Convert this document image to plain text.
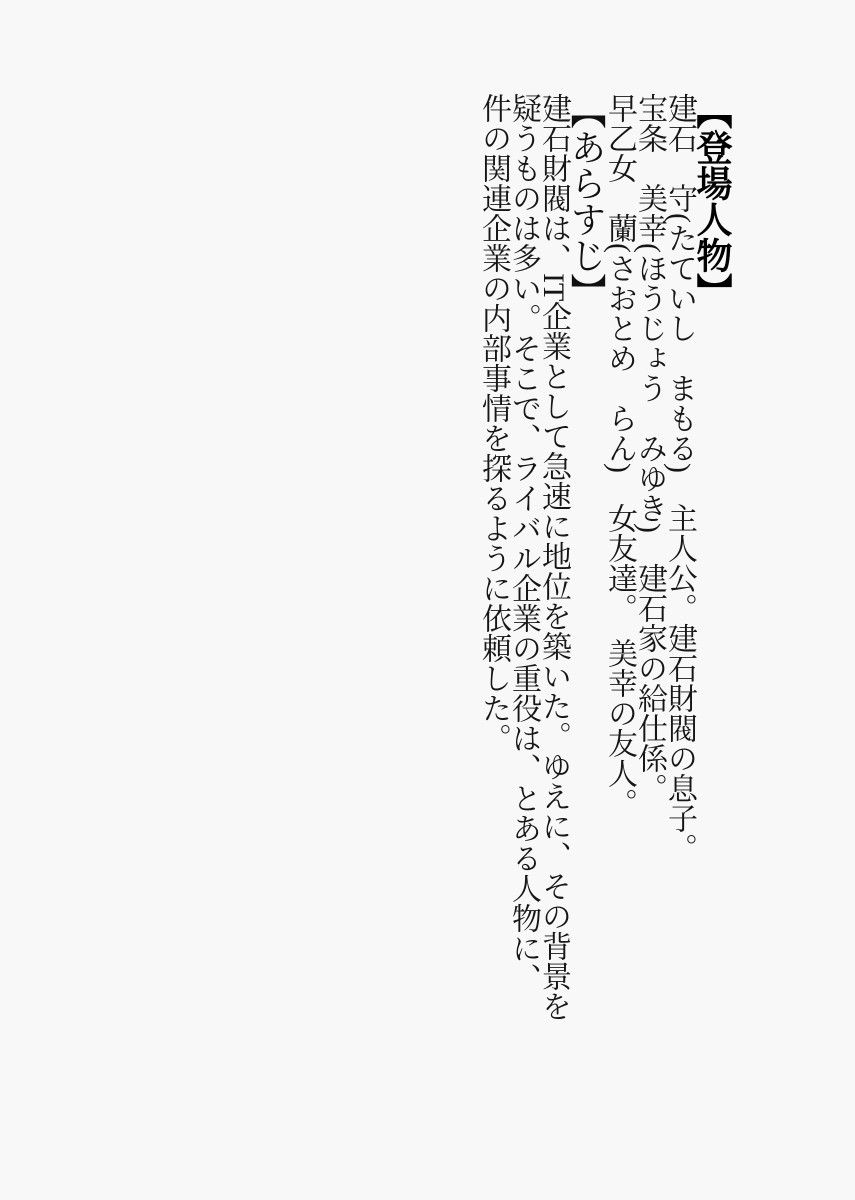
【登場人物】

建石　守(たていし　まもる)　主人公。建石財閥の息子。

宝条　美幸(ほうじょう　みゆき)　建石家の給仕係。

早乙女　蘭(さおとめ　らん)　女友達。　美幸の友人。

【あらすじ】

建石財閥は、IT企業として急速に地位を築いた。ゆえに、その背景を

疑うものは多い。そこで、ライバル企業の重役は、とある人物に、

件の関連企業の内部事情を探るように依頼した。
